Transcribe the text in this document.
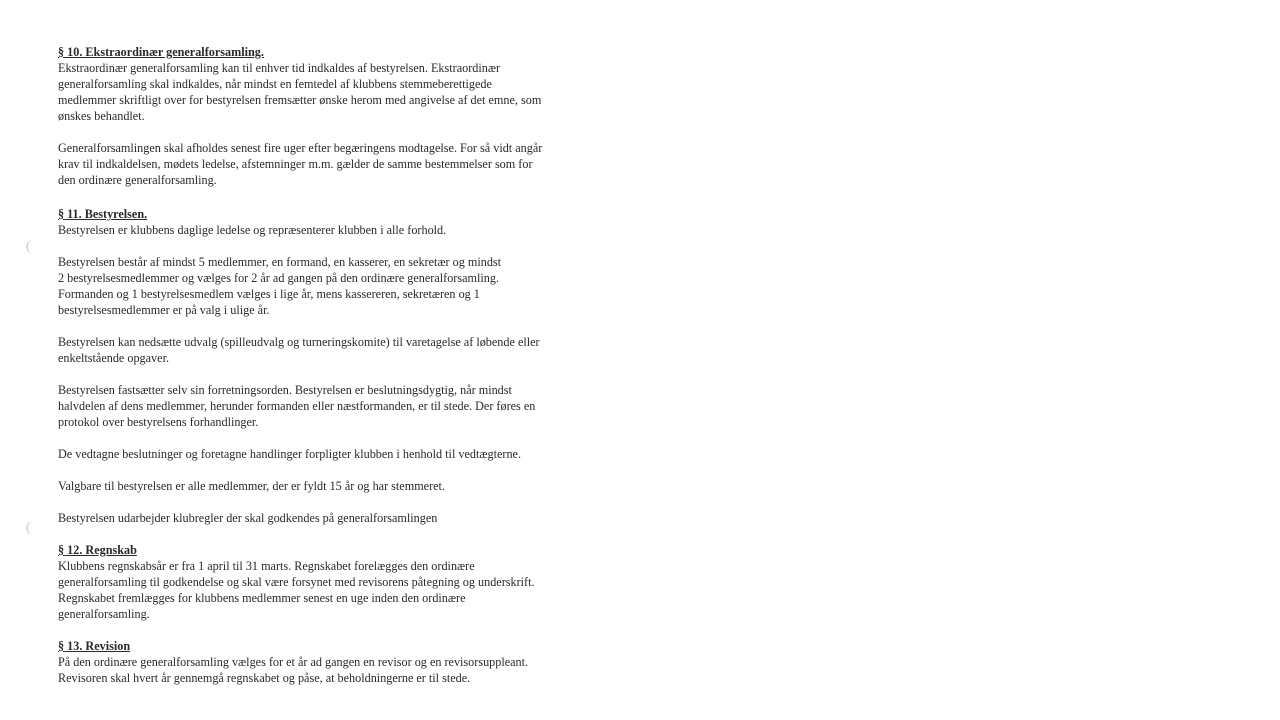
§ 10. Ekstraordinær generalforsamling.
Ekstraordinær generalforsamling kan til enhver tid indkaldes af bestyrelsen. Ekstraordinær
generalforsamling skal indkaldes, når mindst en femtedel af klubbens stemmeberettigede
medlemmer skriftligt over for bestyrelsen fremsætter ønske herom med angivelse af det emne, som
ønskes behandlet.
Generalforsamlingen skal afholdes senest fire uger efter begæringens modtagelse. For så vidt angår
krav til indkaldelsen, mødets ledelse, afstemninger m.m. gælder de samme bestemmelser som for
den ordinære generalforsamling.
§ 11. Bestyrelsen.
Bestyrelsen er klubbens daglige ledelse og repræsenterer klubben i alle forhold.
Bestyrelsen består af mindst 5 medlemmer, en formand, en kasserer, en sekretær og mindst
2 bestyrelsesmedlemmer og vælges for 2 år ad gangen på den ordinære generalforsamling.
Formanden og 1 bestyrelsesmedlem vælges i lige år, mens kassereren, sekretæren og 1
bestyrelsesmedlemmer er på valg i ulige år.
Bestyrelsen kan nedsætte udvalg (spilleudvalg og turneringskomite) til varetagelse af løbende eller
enkeltstående opgaver.
Bestyrelsen fastsætter selv sin forretningsorden. Bestyrelsen er beslutningsdygtig, når mindst
halvdelen af dens medlemmer, herunder formanden eller næstformanden, er til stede. Der føres en
protokol over bestyrelsens forhandlinger.
De vedtagne beslutninger og foretagne handlinger forpligter klubben i henhold til vedtægterne.
Valgbare til bestyrelsen er alle medlemmer, der er fyldt 15 år og har stemmeret.
Bestyrelsen udarbejder klubregler der skal godkendes på generalforsamlingen
§ 12. Regnskab
Klubbens regnskabsår er fra 1 april til 31 marts. Regnskabet forelægges den ordinære
generalforsamling til godkendelse og skal være forsynet med revisorens påtegning og underskrift.
Regnskabet fremlægges for klubbens medlemmer senest en uge inden den ordinære
generalforsamling.
§ 13. Revision
På den ordinære generalforsamling vælges for et år ad gangen en revisor og en revisorsuppleant.
Revisoren skal hvert år gennemgå regnskabet og påse, at beholdningerne er til stede.
